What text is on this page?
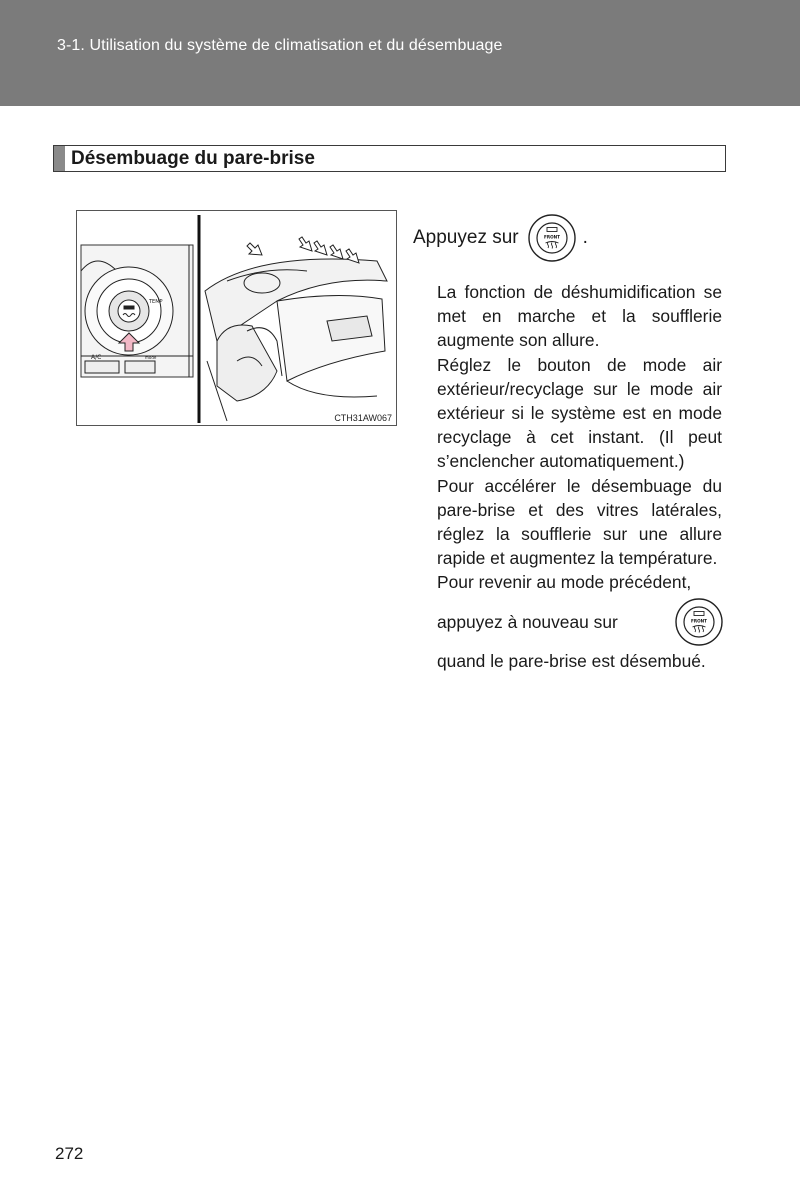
3-1. Utilisation du système de climatisation et du désembuage
Désembuage du pare-brise
TEMP
A/C	mode
CTH31AW067
Appuyez sur	FRONT .

La fonction de déshumidification se met en marche et la soufflerie augmente son allure.

Réglez le bouton de mode air extérieur/recyclage sur le mode air extérieur si le système est en mode recyclage à cet instant. (Il peut s’enclencher automatiquement.)

Pour accélérer le désembuage du pare-brise et des vitres latérales, réglez la soufflerie sur une allure rapide et augmentez la température.

Pour revenir au mode précédent,

appuyez à nouveau sur	FRONT

quand le pare-brise est désembué.

272
